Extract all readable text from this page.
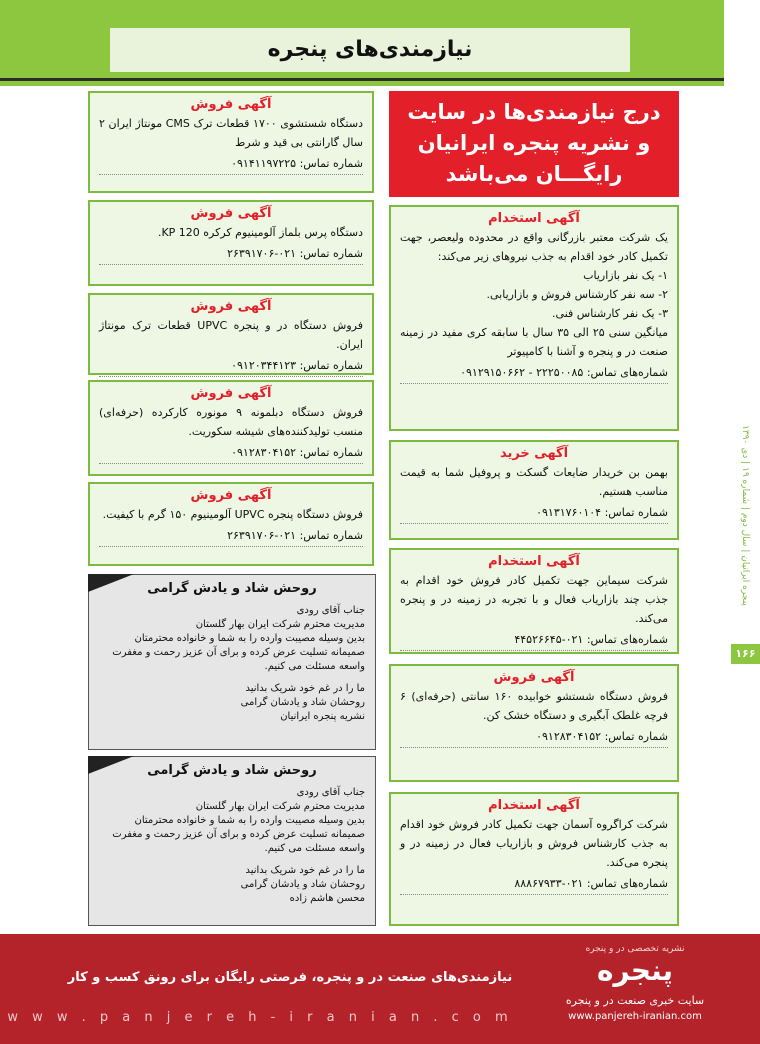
نیازمندی‌های پنجره
آگهی فروش
دستگاه شستشوی ۱۷۰۰ قطعات ترک CMS مونتاژ ایران ۲ سال گارانتی بی قید و شرط
شماره تماس: ۰۹۱۴۱۱۹۷۲۲۵
آگهی فروش
دستگاه پرس بلماز آلومینیوم کرکره KP 120.
شماره تماس: ۰۲۱-۲۶۳۹۱۷۰۶
آگهی فروش
فروش دستگاه در و پنجره UPVC قطعات ترک مونتاژ ایران.
شماره تماس: ۰۹۱۲۰۳۴۴۱۲۳
آگهی فروش
فروش دستگاه دبلمونه ۹ مونوره کارکرده (حرفه‌ای) منسب تولیدکننده‌های شیشه سکوریت.
شماره تماس: ۰۹۱۲۸۳۰۴۱۵۲
آگهی فروش
فروش دستگاه پنجره UPVC آلومینیوم ۱۵۰ گرم با کیفیت.
شماره تماس: ۰۲۱-۲۶۳۹۱۷۰۶
روحش شاد و یادش گرامی
جناب آقای رودی
مدیریت محترم شرکت ایران بهار گلستان
بدین وسیله مصیبت وارده را به شما و خانواده محترمتان
صمیمانه تسلیت عرض کرده و برای آن عزیز رحمت و مغفرت
واسعه مسئلت می کنیم.
ما را در غم خود شریک بدانید
روحشان شاد و یادشان گرامی
نشریه پنجره ایرانیان
روحش شاد و یادش گرامی
جناب آقای رودی
مدیریت محترم شرکت ایران بهار گلستان
بدین وسیله مصیبت وارده را به شما و خانواده محترمتان
صمیمانه تسلیت عرض کرده و برای آن عزیز رحمت و مغفرت
واسعه مسئلت می کنیم.
ما را در غم خود شریک بدانید
روحشان شاد و یادشان گرامی
محسن هاشم زاده
درج نیازمندی‌ها در سایت
و نشریه پنجره ایرانیان
رایگـــان می‌باشد
آگهی استخدام
یک شرکت معتبر بازرگانی واقع در محدوده ولیعصر، جهت تکمیل کادر خود اقدام به جذب نیروهای زیر می‌کند:
۱- یک نفر بازاریاب
۲- سه نفر کارشناس فروش و بازاریابی.
۳- یک نفر کارشناس فنی.
میانگین سنی ۲۵ الی ۳۵ سال با سابقه کری مفید در زمینه صنعت در و پنجره و آشنا با کامپیوتر
شماره‌های تماس: ۲۲۲۵۰۰۸۵ - ۰۹۱۲۹۱۵۰۶۶۲
آگهی خرید
بهمن بن خریدار ضایعات گسکت و پروفیل شما به قیمت مناسب هستیم.
شماره تماس: ۰۹۱۳۱۷۶۰۱۰۴
آگهی استخدام
شرکت سیماین جهت تکمیل کادر فروش خود اقدام به جذب چند بازاریاب فعال و با تجربه در زمینه در و پنجره می‌کند.
شماره‌های تماس: ۰۲۱-۴۴۵۲۶۶۴۵
آگهی فروش
فروش دستگاه شستشو خوابیده ۱۶۰ سانتی (حرفه‌ای) ۶ فرچه غلطک آبگیری و دستگاه خشک کن.
شماره تماس: ۰۹۱۲۸۳۰۴۱۵۲
آگهی استخدام
شرکت کراگروه آسمان جهت تکمیل کادر فروش خود اقدام به جذب کارشناس فروش و بازاریاب فعال در زمینه در و پنجره می‌کند.
شماره‌های تماس: ۰۲۱-۸۸۸۶۷۹۳۳
پنجره ایرانیان | سال دوم | شماره ۱۹ | دی ۱۳۹۰
۱۶۶
نیازمندی‌های صنعت در و پنجره، فرصتی رایگان برای رونق کسب و کار
w w w . p a n j e r e h - i r a n i a n . c o m
نشریه تخصصی در و پنجره
پنجره
سایت خبری صنعت در و پنجره
www.panjereh-iranian.com
